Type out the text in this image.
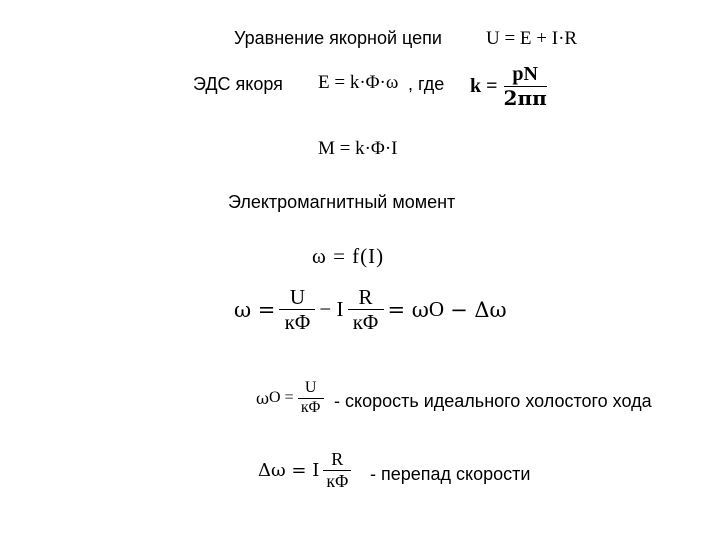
Уравнение якорной цепи U = E + I·R
ЭДС якоря E = k·Φ·ω , где $k = \frac{pN}{2\pi\pi}$
M = k·Φ·I
Электромагнитный момент
ω = f(I)
$\omega = \frac{U}{к\Phi} - I \frac{R}{к\Phi} = \omega$ O − Δω
ω $O = \frac{U}{к\Phi}$ - скорость идеального холостого хода
Δω = I $\frac{R}{к\Phi}$ - перепад скорости
